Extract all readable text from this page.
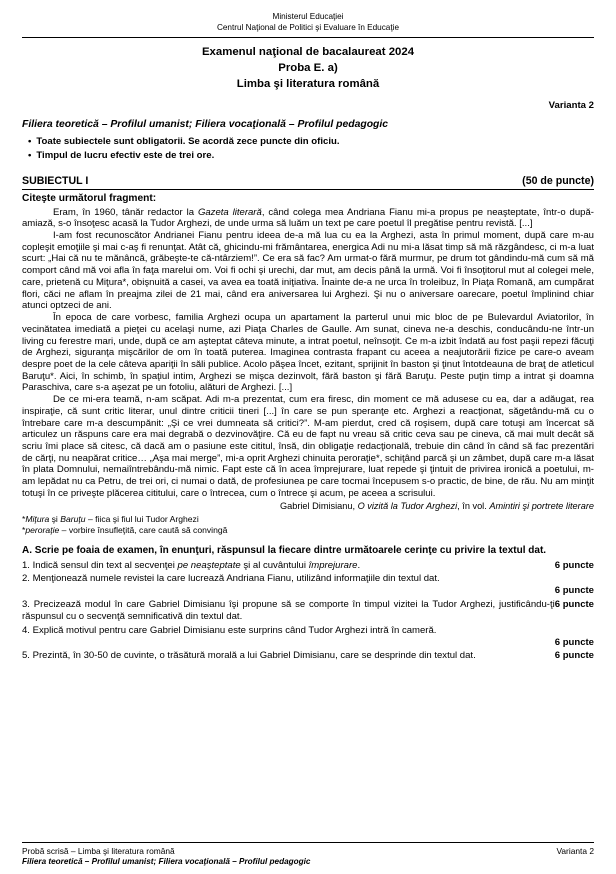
Ministerul Educaţiei
Centrul Naţional de Politici şi Evaluare în Educaţie
Examenul naţional de bacalaureat 2024
Proba E. a)
Limba şi literatura română
Varianta 2
Filiera teoretică – Profilul umanist; Filiera vocaţională – Profilul pedagogic
• Toate subiectele sunt obligatorii. Se acordă zece puncte din oficiu.
• Timpul de lucru efectiv este de trei ore.
SUBIECTUL I	(50 de puncte)
Citeşte următorul fragment:

Eram, în 1960, tânăr redactor la Gazeta literară, când colega mea Andriana Fianu mi-a propus pe neaşteptate, într-o după-amiază, s-o însoţesc acasă la Tudor Arghezi, de unde urma să luăm un text pe care poetul îl pregătise pentru revistă. [...]

I-am fost recunoscător Andrianei Fianu pentru ideea de-a mă lua cu ea la Arghezi, asta în primul moment, după care m-au copleşit emoţiile şi mai c-aş fi renunţat. Atât că, ghicindu-mi frământarea, energica Adi nu mi-a lăsat timp să mă răzgândesc, ci m-a luat scurt: „Hai că nu te mănâncă, grăbeşte-te că-ntârziem!”. Ce era să fac? Am urmat-o fără murmur, pe drum tot gândindu-mă cum să mă comport când mă voi afla în faţa marelui om. Voi fi ochi şi urechi, dar mut, am decis până la urmă. Voi fi însoţitorul mut al colegei mele, care, prietenă cu Miţura*, obişnuită a casei, va avea ea toată iniţiativa. Înainte de-a ne urca în troleibuz, în Piaţa Romană, am cumpărat flori, căci ne aflam în preajma zilei de 21 mai, când era aniversarea lui Arghezi. Şi nu o aniversare oarecare, poetul împlinind chiar atunci optzeci de ani.

În epoca de care vorbesc, familia Arghezi ocupa un apartament la parterul unui mic bloc de pe Bulevardul Aviatorilor, în vecinătatea imediată a pieţei cu acelaşi nume, azi Piaţa Charles de Gaulle. Am sunat, cineva ne-a deschis, conducându-ne într-un living cu ferestre mari, unde, după ce am aşteptat câteva minute, a intrat poetul, neînsoţit. Ce m-a izbit îndată au fost paşii repezi făcuţi de Arghezi, siguranţa mişcărilor de om în toată puterea. Imaginea contrasta frapant cu aceea a neajutorării fizice pe care-o aveam despre poet de la cele câteva apariţii în săli publice. Acolo păşea încet, ezitant, sprijinit în baston şi ţinut întotdeauna de braţ de atleticul Baruţu*. Aici, în schimb, în spaţiul intim, Arghezi se mişca dezinvolt, fără baston şi fără Baruţu. Peste puţin timp a intrat şi doamna Paraschiva, care s-a aşezat pe un fotoliu, alături de Arghezi. [...]

De ce mi-era teamă, n-am scăpat. Adi m-a prezentat, cum era firesc, din moment ce mă adusese cu ea, dar a adăugat, rea inspiraţie, că sunt critic literar, unul dintre criticii tineri [...] în care se pun speranţe etc. Arghezi a reacţionat, săgetându-mă cu o întrebare care m-a descumpănit: „Şi ce vrei dumneata să critici?”. M-am pierdut, cred că roşisem, după care totuşi am încercat să articulez un răspuns care era mai degrabă o dezvinovăţire. Că eu de fapt nu vreau să critic ceva sau pe cineva, că mai mult decât să scriu îmi place să citesc, că dacă am o pasiune este cititul, însă, din obligaţie redacţională, trebuie din când în când să fac prezentări de cărţi, nu neapărat critice… „Aşa mai merge”, mi-a oprit Arghezi chinuita peroraţie*, schiţând parcă şi un zâmbet, după care m-a lăsat în plata Domnului, nemaiîntrebându-mă nimic. Fapt este că în acea împrejurare, luat repede şi ţintuit de privirea ironică a poetului, m-am lepădat nu ca Petru, de trei ori, ci numai o dată, de profesiunea pe care tocmai începusem s-o practic, de bine, de rău. Nu am minţit totuşi în ce priveşte plăcerea cititului, care o întrecea, cum o întrece şi acum, pe aceea a scrisului.

Gabriel Dimisianu, O vizită la Tudor Arghezi, în vol. Amintiri şi portrete literare
*Miţura şi Baruţu – fiica şi fiul lui Tudor Arghezi
*peroraţie – vorbire însufleţită, care caută să convingă
A. Scrie pe foaia de examen, în enunţuri, răspunsul la fiecare dintre următoarele cerinţe cu privire la textul dat.
1. Indică sensul din text al secvenţei pe neaşteptate şi al cuvântului împrejurare.	6 puncte
2. Menţionează numele revistei la care lucrează Andriana Fianu, utilizând informaţiile din textul dat.
6 puncte
3. Precizează modul în care Gabriel Dimisianu îşi propune să se comporte în timpul vizitei la Tudor Arghezi, justificându-ţi răspunsul cu o secvenţă semnificativă din textul dat.
6 puncte
4. Explică motivul pentru care Gabriel Dimisianu este surprins când Tudor Arghezi intră în cameră.
6 puncte
5. Prezintă, în 30-50 de cuvinte, o trăsătură morală a lui Gabriel Dimisianu, care se desprinde din textul dat.	6 puncte
Probă scrisă – Limba şi literatura română	Varianta 2
Filiera teoretică – Profilul umanist; Filiera vocaţională – Profilul pedagogic
